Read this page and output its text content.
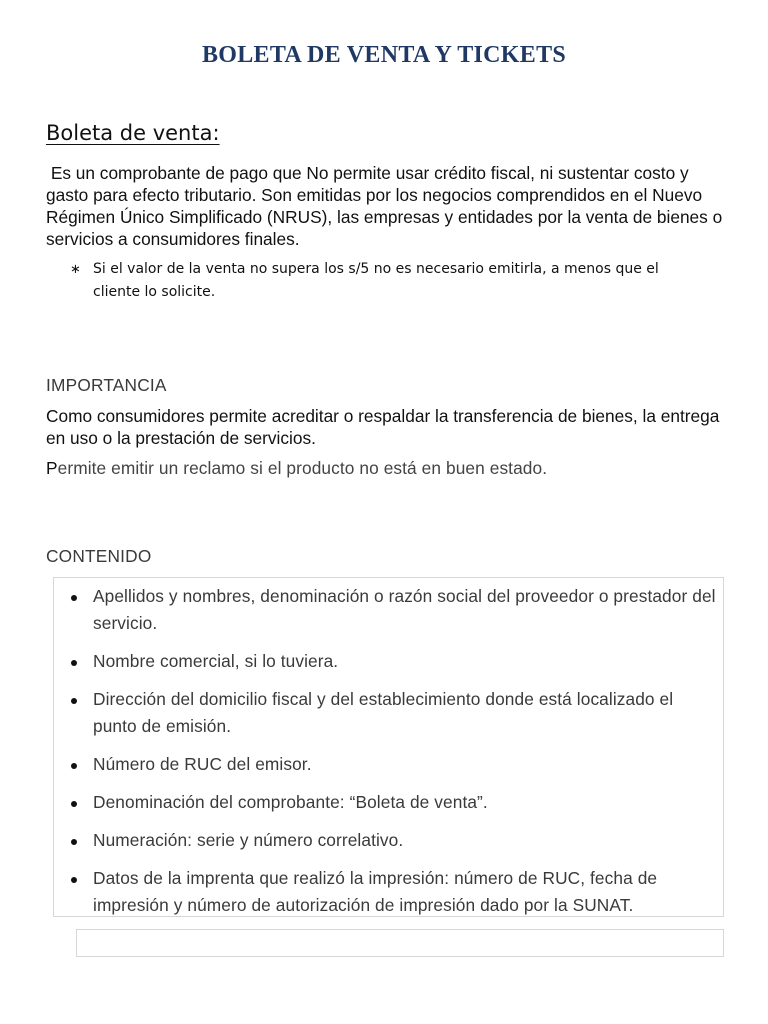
BOLETA DE VENTA Y TICKETS
Boleta de venta:
Es un comprobante de pago que No permite usar crédito fiscal, ni sustentar costo y gasto para efecto tributario. Son emitidas por los negocios comprendidos en el Nuevo Régimen Único Simplificado (NRUS), las empresas y entidades por la venta de bienes o servicios a consumidores finales.
∗ Si el valor de la venta no supera los s/5 no es necesario emitirla, a menos que el cliente lo solicite.
IMPORTANCIA
Como consumidores permite acreditar o respaldar la transferencia de bienes, la entrega en uso o la prestación de servicios.
Permite emitir un reclamo si el producto no está en buen estado.
CONTENIDO
Apellidos y nombres, denominación o razón social del proveedor o prestador del servicio.
Nombre comercial, si lo tuviera.
Dirección del domicilio fiscal y del establecimiento donde está localizado el punto de emisión.
Número de RUC del emisor.
Denominación del comprobante: “Boleta de venta”.
Numeración: serie y número correlativo.
Datos de la imprenta que realizó la impresión: número de RUC, fecha de impresión y número de autorización de impresión dado por la SUNAT.
